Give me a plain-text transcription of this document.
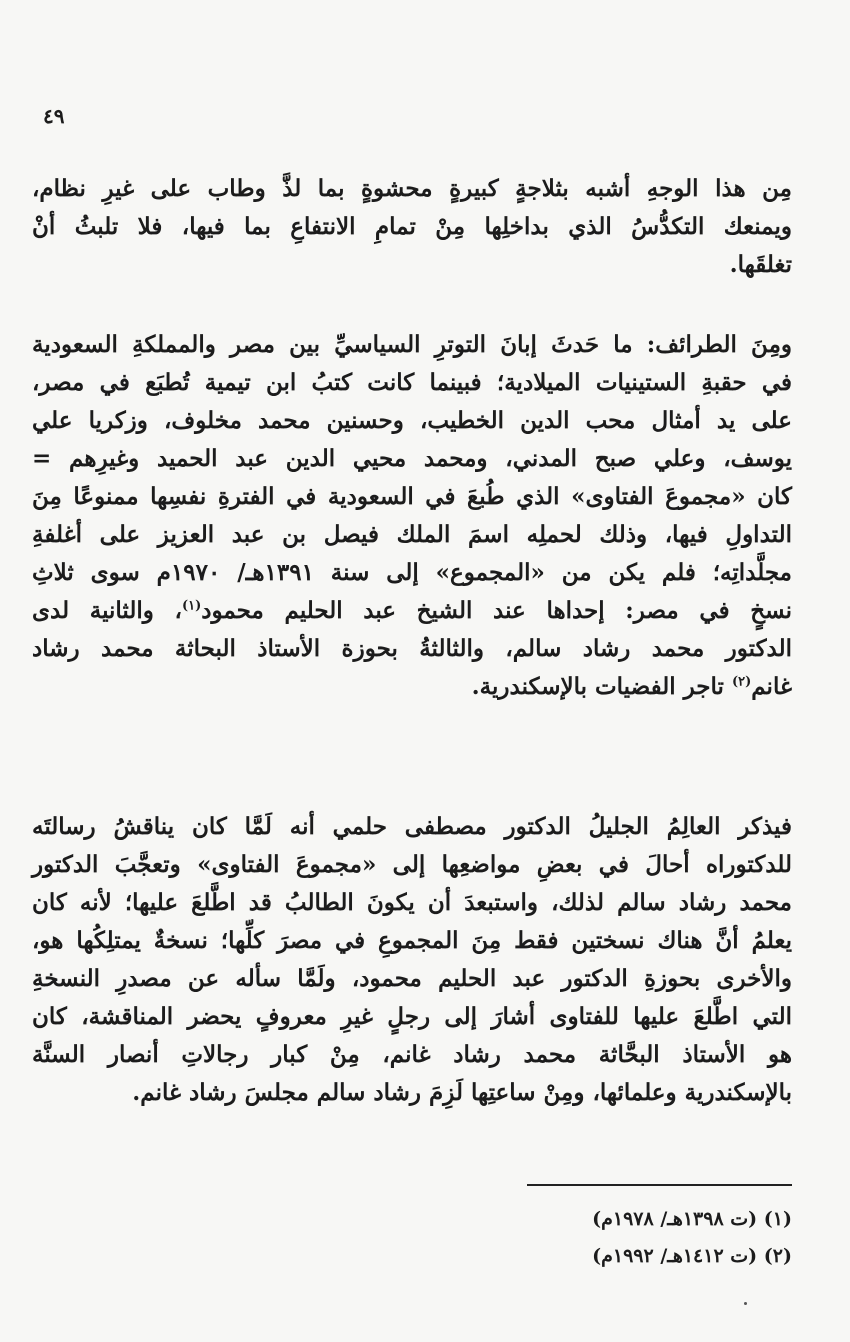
٤٩
مِن هذا الوجهِ أشبه بثلاجةٍ كبيرةٍ محشوةٍ بما لذَّ وطاب على غيرِ نظام،
ويمنعك التكدُّسُ الذي بداخلِها مِنْ تمامِ الانتفاعِ بما فيها، فلا تلبثُ أنْ
تغلقَها.
ومِنَ الطرائف: ما حَدثَ إبانَ التوترِ السياسيِّ بين مصر والمملكةِ السعودية
في حقبةِ الستينيات الميلادية؛ فبينما كانت كتبُ ابن تيمية تُطبَع في مصر،
على يد أمثال محب الدين الخطيب، وحسنين محمد مخلوف، وزكريا علي
يوسف، وعلي صبح المدني، ومحمد محيي الدين عبد الحميد وغيرِهم =
كان «مجموعَ الفتاوى» الذي طُبعَ في السعودية في الفترةِ نفسِها ممنوعًا مِنَ
التداولِ فيها، وذلك لحملِه اسمَ الملك فيصل بن عبد العزيز على أغلفةِ
مجلَّداتِه؛ فلم يكن من «المجموع» إلى سنة ١٣٩١هـ/ ١٩٧٠م سوى ثلاثِ
نسخٍ في مصر: إحداها عند الشيخ عبد الحليم محمود$^{(١)}$، والثانية لدى
الدكتور محمد رشاد سالم، والثالثةُ بحوزة الأستاذ البحاثة محمد رشاد
غانم$^{(٢)}$ تاجر الفضيات بالإسكندرية.
فيذكر العالِمُ الجليلُ الدكتور مصطفى حلمي أنه لَمَّا كان يناقشُ رسالتَه
للدكتوراه أحالَ في بعضِ مواضعِها إلى «مجموعَ الفتاوى» وتعجَّبَ الدكتور
محمد رشاد سالم لذلك، واستبعدَ أن يكونَ الطالبُ قد اطَّلعَ عليها؛ لأنه كان
يعلمُ أنَّ هناك نسختين فقط مِنَ المجموعِ في مصرَ كلِّها؛ نسخةٌ يمتلِكُها هو،
والأخرى بحوزةِ الدكتور عبد الحليم محمود، ولَمَّا سأله عن مصدرِ النسخةِ
التي اطَّلعَ عليها للفتاوى أشارَ إلى رجلٍ غيرِ معروفٍ يحضر المناقشة، كان
هو الأستاذ البحَّاثة محمد رشاد غانم، مِنْ كبار رجالاتِ أنصار السنَّة
بالإسكندرية وعلمائها، ومِنْ ساعتِها لَزِمَ رشاد سالم مجلسَ رشاد غانم.
(١) (ت ١٣٩٨هـ/ ١٩٧٨م)
(٢) (ت ١٤١٢هـ/ ١٩٩٢م)
